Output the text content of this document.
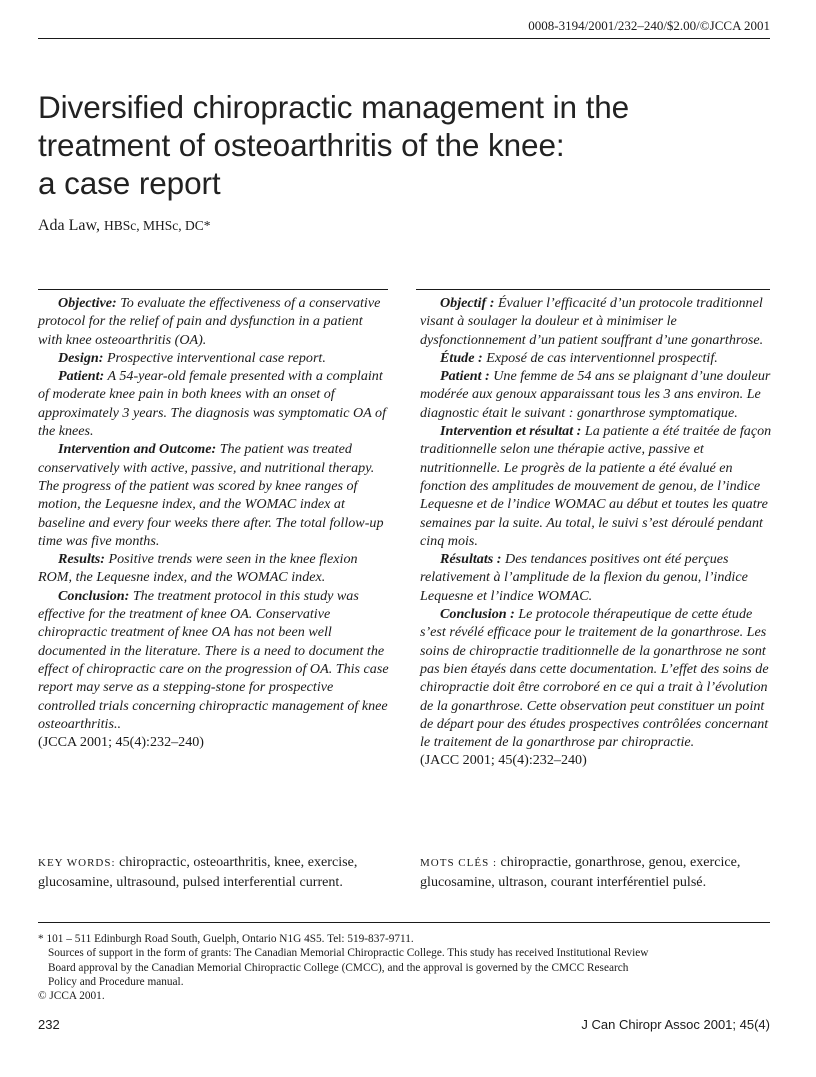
0008-3194/2001/232–240/$2.00/©JCCA 2001
Diversified chiropractic management in the
treatment of osteoarthritis of the knee:
a case report
Ada Law, HBSc, MHSc, DC*

Objective: To evaluate the effectiveness of a conservative protocol for the relief of pain and dysfunction in a patient with knee osteoarthritis (OA).

Design: Prospective interventional case report.

Patient: A 54-year-old female presented with a complaint of moderate knee pain in both knees with an onset of approximately 3 years. The diagnosis was symptomatic OA of the knees.

Intervention and Outcome: The patient was treated conservatively with active, passive, and nutritional therapy. The progress of the patient was scored by knee ranges of motion, the Lequesne index, and the WOMAC index at baseline and every four weeks there after. The total follow-up time was five months.

Results: Positive trends were seen in the knee flexion ROM, the Lequesne index, and the WOMAC index.

Conclusion: The treatment protocol in this study was effective for the treatment of knee OA. Conservative chiropractic treatment of knee OA has not been well documented in the literature. There is a need to document the effect of chiropractic care on the progression of OA. This case report may serve as a stepping-stone for prospective controlled trials concerning chiropractic management of knee osteoarthritis..

(JCCA 2001; 45(4):232–240)

Objectif : Évaluer l’efficacité d’un protocole traditionnel visant à soulager la douleur et à minimiser le dysfonctionnement d’un patient souffrant d’une gonarthrose.

Étude : Exposé de cas interventionnel prospectif.

Patient : Une femme de 54 ans se plaignant d’une douleur modérée aux genoux apparaissant tous les 3 ans environ. Le diagnostic était le suivant : gonarthrose symptomatique.

Intervention et résultat : La patiente a été traitée de façon traditionnelle selon une thérapie active, passive et nutritionnelle. Le progrès de la patiente a été évalué en fonction des amplitudes de mouvement de genou, de l’indice Lequesne et de l’indice WOMAC au début et toutes les quatre semaines par la suite. Au total, le suivi s’est déroulé pendant cinq mois.

Résultats : Des tendances positives ont été perçues relativement à l’amplitude de la flexion du genou, l’indice Lequesne et l’indice WOMAC.

Conclusion : Le protocole thérapeutique de cette étude s’est révélé efficace pour le traitement de la gonarthrose. Les soins de chiropractie traditionnelle de la gonarthrose ne sont pas bien étayés dans cette documentation. L’effet des soins de chiropractie doit être corroboré en ce qui a trait à l’évolution de la gonarthrose. Cette observation peut constituer un point de départ pour des études prospectives contrôlées concernant le traitement de la gonarthrose par chiropractie.

(JACC 2001; 45(4):232–240)

KEY WORDS: chiropractic, osteoarthritis, knee, exercise, glucosamine, ultrasound, pulsed interferential current.
MOTS CLÉS : chiropractie, gonarthrose, genou, exercice, glucosamine, ultrason, courant interférentiel pulsé.

* 101 – 511 Edinburgh Road South, Guelph, Ontario N1G 4S5. Tel: 519-837-9711.

Sources of support in the form of grants: The Canadian Memorial Chiropractic College. This study has received Institutional Review Board approval by the Canadian Memorial Chiropractic College (CMCC), and the approval is governed by the CMCC Research Policy and Procedure manual.

© JCCA 2001.

232	J Can Chiropr Assoc 2001; 45(4)
